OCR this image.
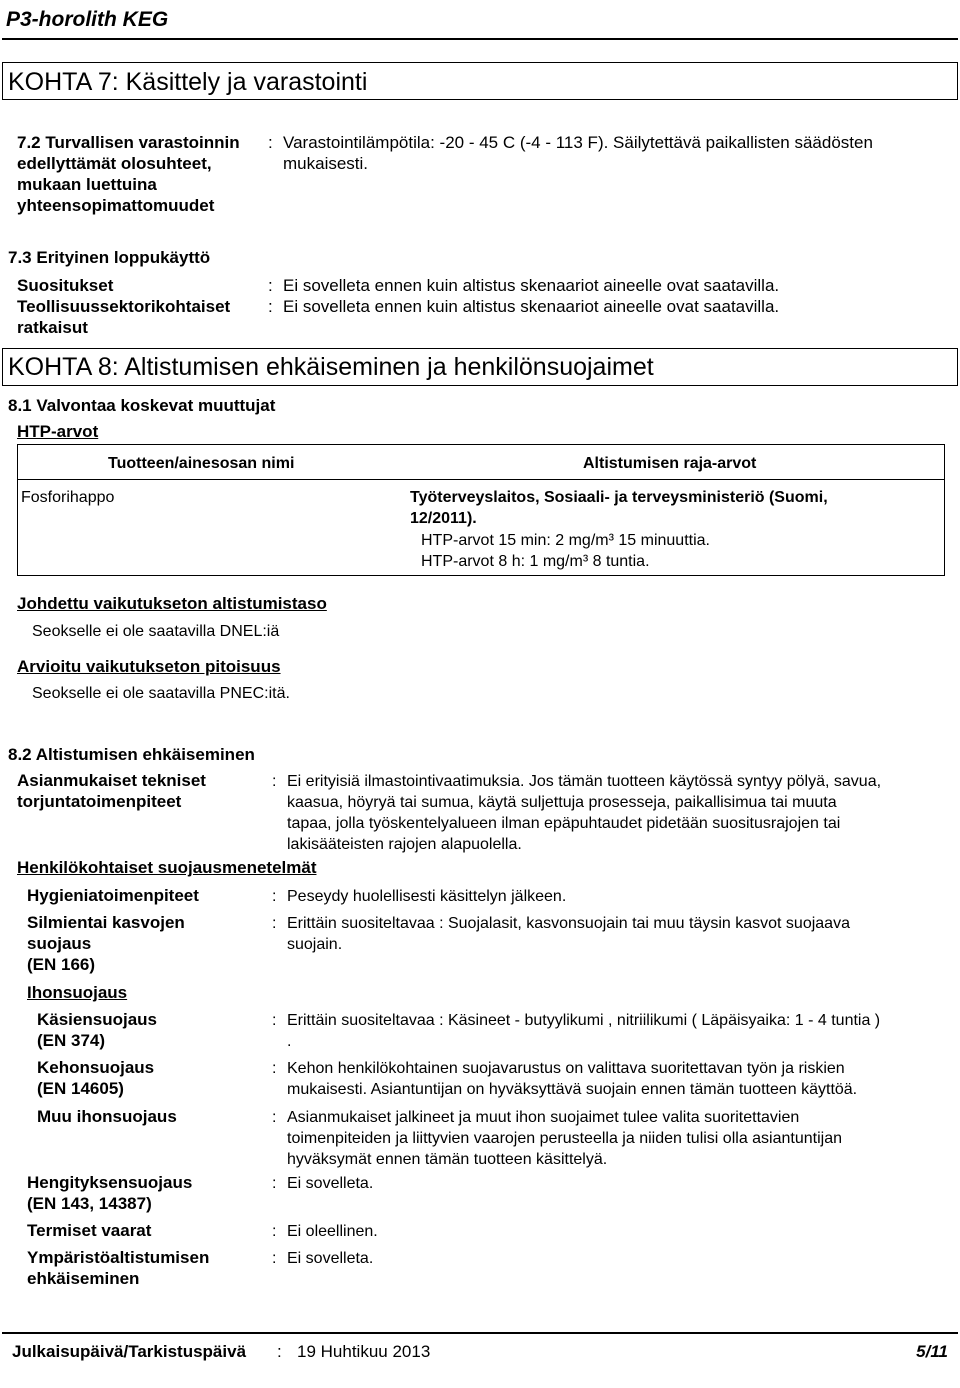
P3-horolith KEG
KOHTA 7: Käsittely ja varastointi
7.2 Turvallisen varastoinnin
edellyttämät olosuhteet,
mukaan luettuina
yhteensopimattomuudet
: Varastointilämpötila: -20 - 45 C (-4 - 113 F). Säilytettävä paikallisten säädösten
mukaisesti.
7.3 Erityinen loppukäyttö
Suositukset	: Ei sovelleta ennen kuin altistus skenaariot aineelle ovat saatavilla.
Teollisuussektorikohtaiset
ratkaisut
: Ei sovelleta ennen kuin altistus skenaariot aineelle ovat saatavilla.
KOHTA 8: Altistumisen ehkäiseminen ja henkilönsuojaimet
8.1 Valvontaa koskevat muuttujat
HTP-arvot
Tuotteen/ainesosan nimi	Altistumisen raja-arvot
Fosforihappo	Työterveyslaitos, Sosiaali- ja terveysministeriö (Suomi,
12/2011).
HTP-arvot 15 min: 2 mg/m³ 15 minuuttia.
HTP-arvot 8 h: 1 mg/m³ 8 tuntia.
Johdettu vaikutukseton altistumistaso
Seokselle ei ole saatavilla DNEL:iä
Arvioitu vaikutukseton pitoisuus
Seokselle ei ole saatavilla PNEC:itä.
8.2 Altistumisen ehkäiseminen
Asianmukaiset tekniset
torjuntatoimenpiteet
: Ei erityisiä ilmastointivaatimuksia. Jos tämän tuotteen käytössä syntyy pölyä, savua,
kaasua, höyryä tai sumua, käytä suljettuja prosesseja, paikallisimua tai muuta
tapaa, jolla työskentelyalueen ilman epäpuhtaudet pidetään suositusrajojen tai
lakisääteisten rajojen alapuolella.
Henkilökohtaiset suojausmenetelmät
Hygieniatoimenpiteet	: Peseydy huolellisesti käsittelyn jälkeen.
Silmientai kasvojen
suojaus
(EN 166)
: Erittäin suositeltavaa : Suojalasit, kasvonsuojain tai muu täysin kasvot suojaava
suojain.
Ihonsuojaus
Käsiensuojaus
(EN 374)
: Erittäin suositeltavaa : Käsineet - butyylikumi , nitriilikumi ( Läpäisyaika: 1 - 4 tuntia )
.
Kehonsuojaus
(EN 14605)
: Kehon henkilökohtainen suojavarustus on valittava suoritettavan työn ja riskien
mukaisesti. Asiantuntijan on hyväksyttävä suojain ennen tämän tuotteen käyttöä.
Muu ihonsuojaus	: Asianmukaiset jalkineet ja muut ihon suojaimet tulee valita suoritettavien
toimenpiteiden ja liittyvien vaarojen perusteella ja niiden tulisi olla asiantuntijan
hyväksymät ennen tämän tuotteen käsittelyä.
Hengityksensuojaus
(EN 143, 14387)
: Ei sovelleta.
Termiset vaarat	: Ei oleellinen.
Ympäristöaltistumisen
ehkäiseminen
: Ei sovelleta.
Julkaisupäivä/Tarkistuspäivä : 19 Huhtikuu 2013	5/11
